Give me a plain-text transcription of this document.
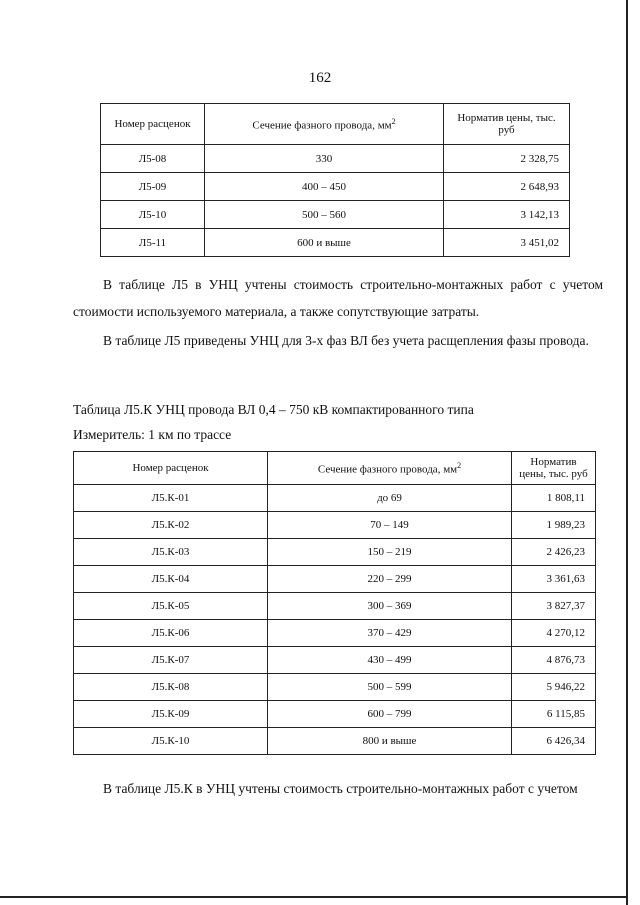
162
Номер расценок	Сечение фазного провода, $мм^2$	Норматив цены, тыс. руб
Л5-08	330	2 328,75
Л5-09	400 – 450	2 648,93
Л5-10	500 – 560	3 142,13
Л5-11	600 и выше	3 451,02
В таблице Л5 в УНЦ учтены стоимость строительно-монтажных работ с учетом стоимости используемого материала, а также сопутствующие затраты.
В таблице Л5 приведены УНЦ для 3-х фаз ВЛ без учета расщепления фазы провода.
Таблица Л5.К УНЦ провода ВЛ 0,4 – 750 кВ компактированного типа
Измеритель: 1 км по трассе
Номер расценок	Сечение фазного провода, $мм^2$	Норматив цены, тыс. руб
Л5.К-01	до 69	1 808,11
Л5.К-02	70 – 149	1 989,23
Л5.К-03	150 – 219	2 426,23
Л5.К-04	220 – 299	3 361,63
Л5.К-05	300 – 369	3 827,37
Л5.К-06	370 – 429	4 270,12
Л5.К-07	430 – 499	4 876,73
Л5.К-08	500 – 599	5 946,22
Л5.К-09	600 – 799	6 115,85
Л5.К-10	800 и выше	6 426,34
В таблице Л5.К в УНЦ учтены стоимость строительно-монтажных работ с учетом
